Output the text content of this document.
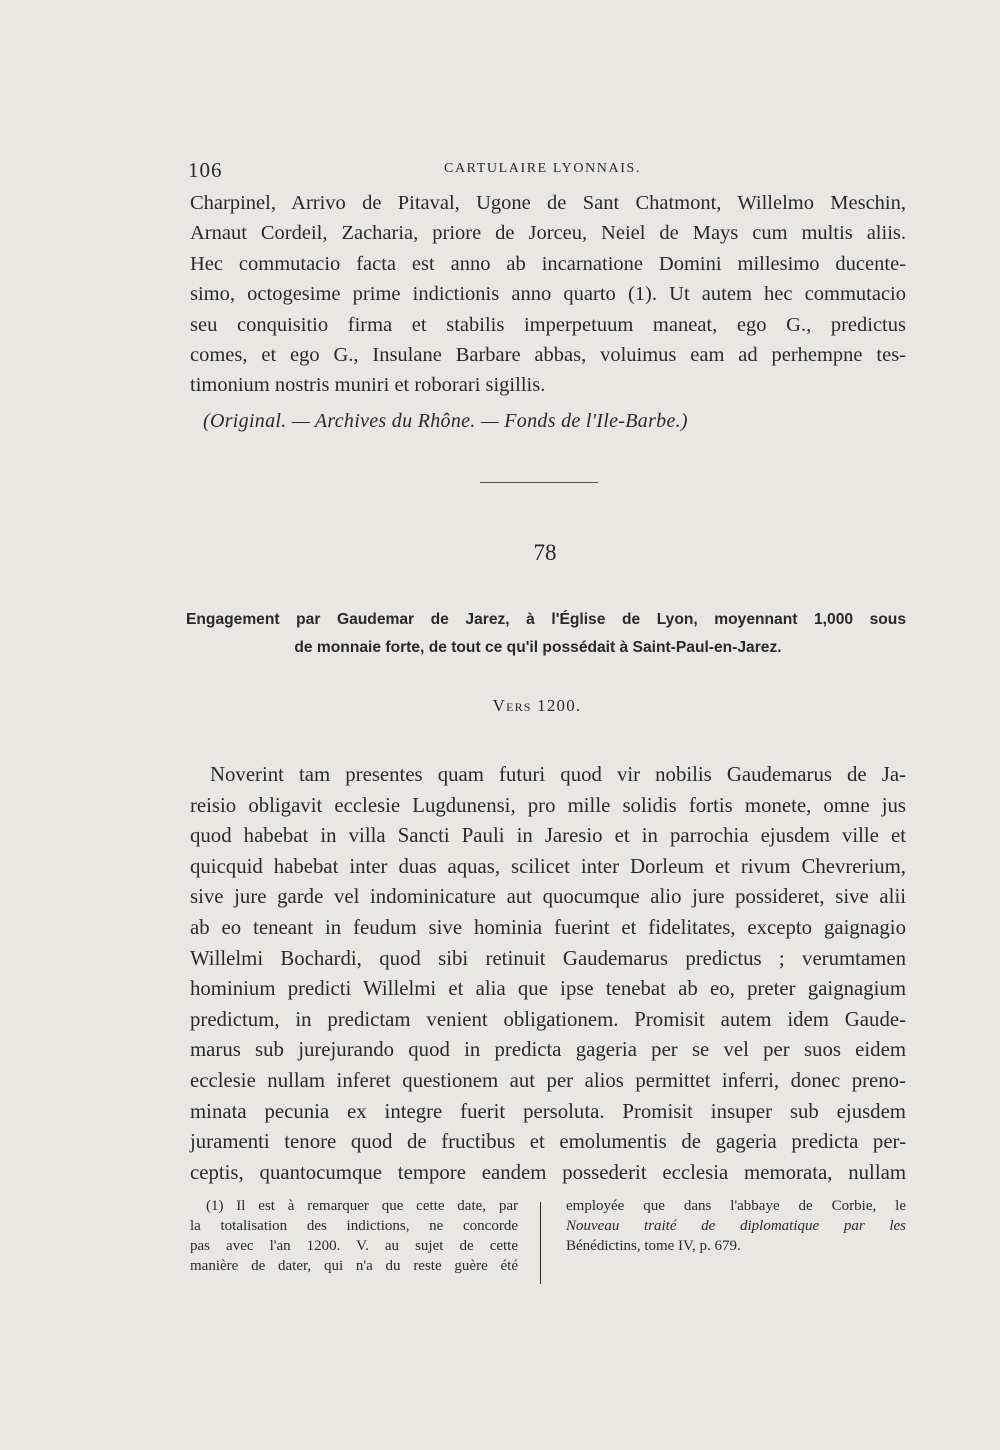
106	CARTULAIRE LYONNAIS.
Charpinel, Arrivo de Pitaval, Ugone de Sant Chatmont, Willelmo Meschin,
Arnaut Cordeil, Zacharia, priore de Jorceu, Neiel de Mays cum multis aliis.
Hec commutacio facta est anno ab incarnatione Domini millesimo ducente-
simo, octogesime prime indictionis anno quarto (1). Ut autem hec commutacio
seu conquisitio firma et stabilis imperpetuum maneat, ego G., predictus
comes, et ego G., Insulane Barbare abbas, voluimus eam ad perhempne tes-
timonium nostris muniri et roborari sigillis.
(Original. — Archives du Rhône. — Fonds de l'Ile-Barbe.)
78
Engagement par Gaudemar de Jarez, à l'Église de Lyon, moyennant 1,000 sous
de monnaie forte, de tout ce qu'il possédait à Saint-Paul-en-Jarez.
Vers 1200.
Noverint tam presentes quam futuri quod vir nobilis Gaudemarus de Ja-
reisio obligavit ecclesie Lugdunensi, pro mille solidis fortis monete, omne jus
quod habebat in villa Sancti Pauli in Jaresio et in parrochia ejusdem ville et
quicquid habebat inter duas aquas, scilicet inter Dorleum et rivum Chevrerium,
sive jure garde vel indominicature aut quocumque alio jure possideret, sive alii
ab eo teneant in feudum sive hominia fuerint et fidelitates, excepto gaignagio
Willelmi Bochardi, quod sibi retinuit Gaudemarus predictus ; verumtamen
hominium predicti Willelmi et alia que ipse tenebat ab eo, preter gaignagium
predictum, in predictam venient obligationem. Promisit autem idem Gaude-
marus sub jurejurando quod in predicta gageria per se vel per suos eidem
ecclesie nullam inferet questionem aut per alios permittet inferri, donec preno-
minata pecunia ex integre fuerit persoluta. Promisit insuper sub ejusdem
juramenti tenore quod de fructibus et emolumentis de gageria predicta per-
ceptis, quantocumque tempore eandem possederit ecclesia memorata, nullam
(1) Il est à remarquer que cette date, par
la totalisation des indictions, ne concorde
pas avec l'an 1200. V. au sujet de cette
manière de dater, qui n'a du reste guère été
employée que dans l'abbaye de Corbie, le
Nouveau traité de diplomatique par les
Bénédictins, tome IV, p. 679.
